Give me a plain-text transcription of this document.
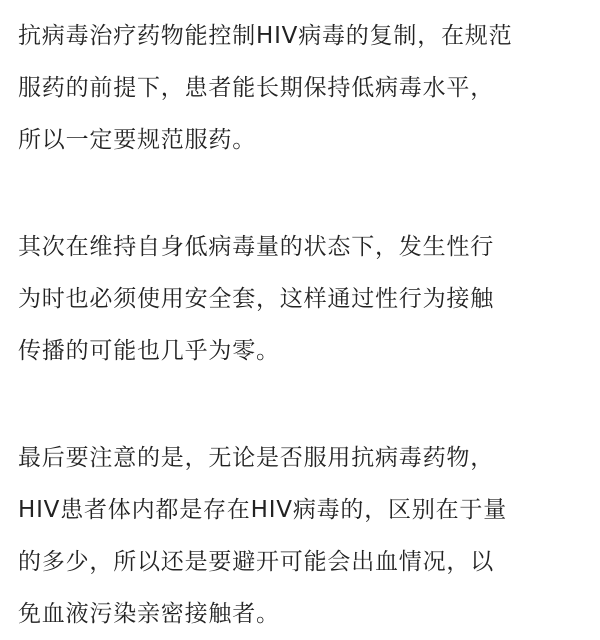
抗病毒治疗药物能控制HIV病毒的复制，在规范
服药的前提下，患者能长期保持低病毒水平，
所以一定要规范服药。
其次在维持自身低病毒量的状态下，发生性行
为时也必须使用安全套，这样通过性行为接触
传播的可能也几乎为零。
最后要注意的是，无论是否服用抗病毒药物，
HIV患者体内都是存在HIV病毒的，区别在于量
的多少，所以还是要避开可能会出血情况，以
免血液污染亲密接触者。
